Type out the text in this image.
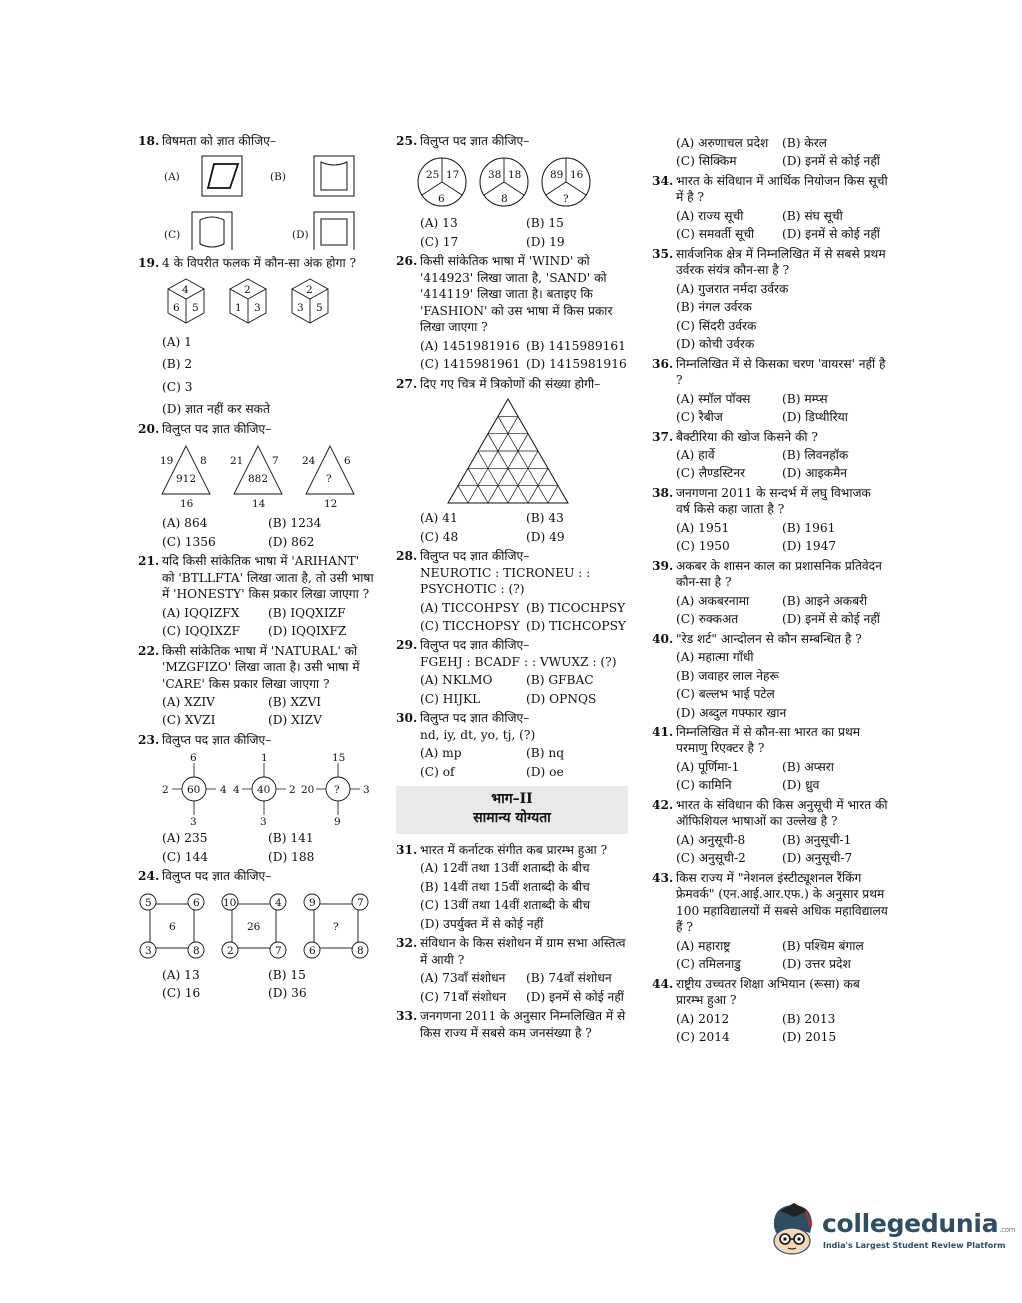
18. विषमता को ज्ञात कीजिए–
(A)	(B)
(C)	(D)
19. 4 के विपरीत फलक में कौन-सा अंक होगा ?
4
6 5
2
1 3
2
3 5
(A) 1
(B) 2
(C) 3
(D) ज्ञात नहीं कर सकते
20. विलुप्त पद ज्ञात कीजिए–
19	8
912
16
21	7
882
14
24	6
?
12
(A) 864	(B) 1234
(C) 1356	(D) 862
21. यदि किसी सांकेतिक भाषा में 'ARIHANT' को 'BTLLFTA' लिखा जाता है, तो उसी भाषा में 'HONESTY' किस प्रकार लिखा जाएगा ?
(A) IQQIZFX	(B) IQQXIZF
(C) IQQIXZF	(D) IQQIXFZ
22. किसी सांकेतिक भाषा में 'NATURAL' को 'MZGFIZO' लिखा जाता है। उसी भाषा में 'CARE' किस प्रकार लिखा जाएगा ?
(A) XZIV	(B) XZVI
(C) XVZI	(D) XIZV
23. विलुप्त पद ज्ञात कीजिए–
6
2 60 4
3
1
4 40 2
3
15
20 ? 3
9
(A) 235	(B) 141
(C) 144	(D) 188
24. विलुप्त पद ज्ञात कीजिए–
5	6
3	8
6
10	4
2	7
26
9	7
6	8
?
(A) 13	(B) 15
(C) 16	(D) 36
25. विलुप्त पद ज्ञात कीजिए–
25 17
6
38 18
8
89 16
?
(A) 13	(B) 15
(C) 17	(D) 19
26. किसी सांकेतिक भाषा में 'WIND' को '414923' लिखा जाता है, 'SAND' को '414119' लिखा जाता है। बताइए कि 'FASHION' को उस भाषा में किस प्रकार लिखा जाएगा ?
(A) 1451981916 (B) 1415989161
(C) 1415981961 (D) 1415981916
27. दिए गए चित्र में त्रिकोणों की संख्या होगी–
(A) 41	(B) 43
(C) 48	(D) 49
28. विलुप्त पद ज्ञात कीजिए–
NEUROTIC : TICRONEU : :
PSYCHOTIC : (?)
(A) TICCOHPSY (B) TICOCHPSY
(C) TICCHOPSY (D) TICHCOPSY
29. विलुप्त पद ज्ञात कीजिए–
FGEHJ : BCADF : : VWUXZ : (?)
(A) NKLMO	(B) GFBAC
(C) HIJKL	(D) OPNQS
30. विलुप्त पद ज्ञात कीजिए–
nd, iy, dt, yo, tj, (?)
(A) mp	(B) nq
(C) of	(D) oe
भाग–II
सामान्य योग्यता
31. भारत में कर्नाटक संगीत कब प्रारम्भ हुआ ?
(A) 12वीं तथा 13वीं शताब्दी के बीच
(B) 14वीं तथा 15वीं शताब्दी के बीच
(C) 13वीं तथा 14वीं शताब्दी के बीच
(D) उपर्युक्त में से कोई नहीं
32. संविधान के किस संशोधन में ग्राम सभा अस्तित्व में आयी ?
(A) 73वाँ संशोधन	(B) 74वाँ संशोधन
(C) 71वाँ संशोधन	(D) इनमें से कोई नहीं
33. जनगणना 2011 के अनुसार निम्नलिखित में से किस राज्य में सबसे कम जनसंख्या है ?
(A) अरुणाचल प्रदेश	(B) केरल
(C) सिक्किम	(D) इनमें से कोई नहीं
34. भारत के संविधान में आर्थिक नियोजन किस सूची में है ?
(A) राज्य सूची	(B) संघ सूची
(C) समवर्ती सूची	(D) इनमें से कोई नहीं
35. सार्वजनिक क्षेत्र में निम्नलिखित में से सबसे प्रथम उर्वरक संयंत्र कौन-सा है ?
(A) गुजरात नर्मदा उर्वरक
(B) नंगल उर्वरक
(C) सिंदरी उर्वरक
(D) कोची उर्वरक
36. निम्नलिखित में से किसका चरण 'वायरस' नहीं है ?
(A) स्मॉल पॉक्स	(B) मम्प्स
(C) रैबीज	(D) डिप्थीरिया
37. बैक्टीरिया की खोज किसने की ?
(A) हार्वे	(B) लिवनहॉक
(C) लैण्डस्टिनर	(D) आइकमैन
38. जनगणना 2011 के सन्दर्भ में लघु विभाजक वर्ष किसे कहा जाता है ?
(A) 1951	(B) 1961
(C) 1950	(D) 1947
39. अकबर के शासन काल का प्रशासनिक प्रतिवेदन कौन-सा है ?
(A) अकबरनामा	(B) आइने अकबरी
(C) रुक्कअत	(D) इनमें से कोई नहीं
40. "रेड शर्ट" आन्दोलन से कौन सम्बन्धित है ?
(A) महात्मा गाँधी
(B) जवाहर लाल नेहरू
(C) बल्लभ भाई पटेल
(D) अब्दुल गफ्फार खान
41. निम्नलिखित में से कौन-सा भारत का प्रथम परमाणु रिएक्टर है ?
(A) पूर्णिमा-1	(B) अप्सरा
(C) कामिनि	(D) ध्रुव
42. भारत के संविधान की किस अनुसूची में भारत की ऑफिशियल भाषाओं का उल्लेख है ?
(A) अनुसूची-8	(B) अनुसूची-1
(C) अनुसूची-2	(D) अनुसूची-7
43. किस राज्य में "नेशनल इंस्टीट्यूशनल रैंकिंग फ्रेमवर्क" (एन.आई.आर.एफ.) के अनुसार प्रथम 100 महाविद्यालयों में सबसे अधिक महाविद्यालय हैं ?
(A) महाराष्ट्र	(B) पश्चिम बंगाल
(C) तमिलनाडु	(D) उत्तर प्रदेश
44. राष्ट्रीय उच्चतर शिक्षा अभियान (रूसा) कब प्रारम्भ हुआ ?
(A) 2012	(B) 2013
(C) 2014	(D) 2015
collegedunia.com
India's Largest Student Review Platform
